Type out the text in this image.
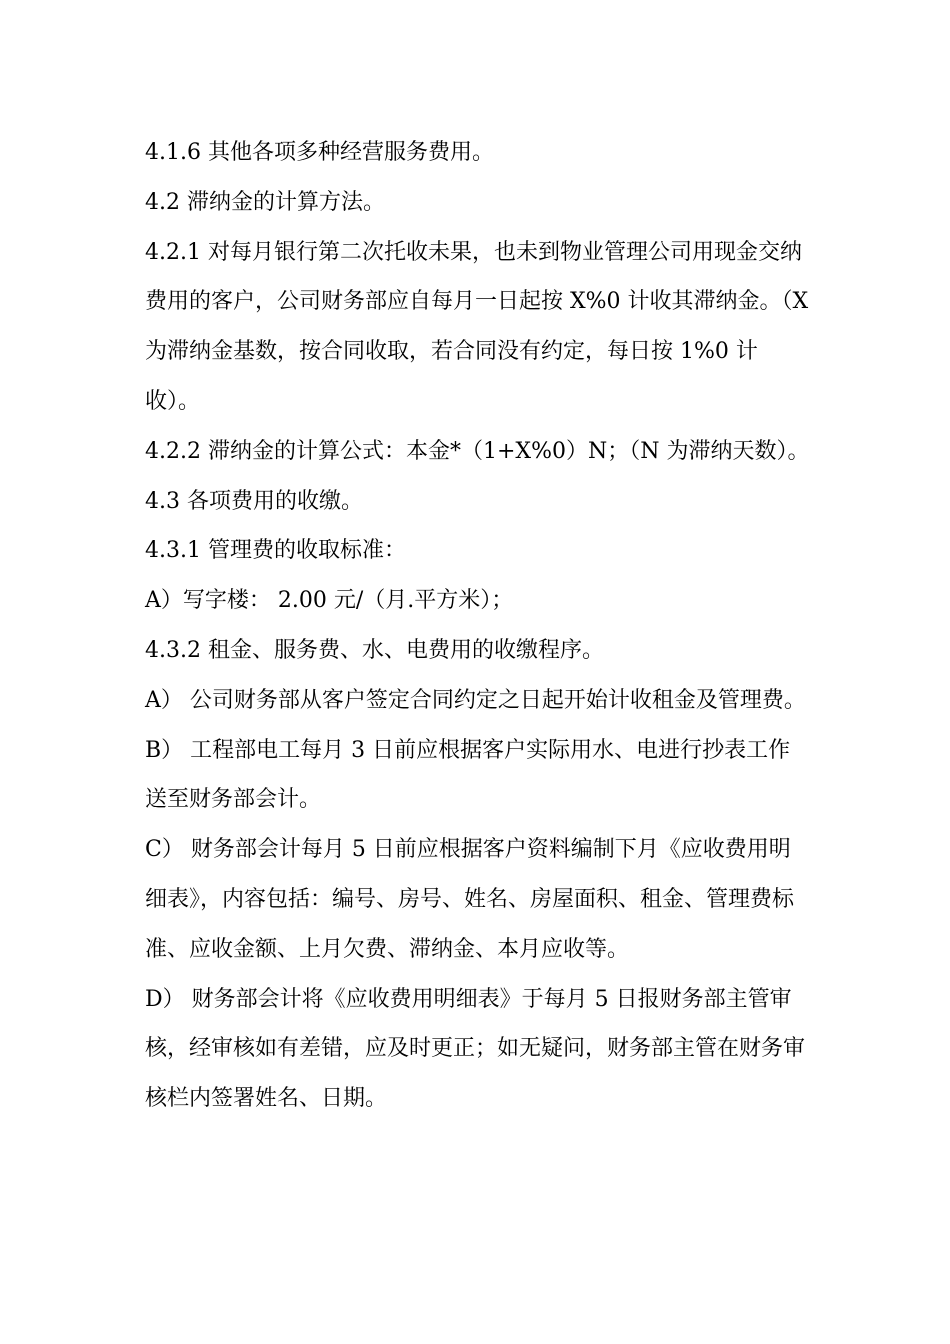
4.1.6 其他各项多种经营服务费用。

4.2 滞纳金的计算方法。

4.2.1 对每月银行第二次托收未果，也未到物业管理公司用现金交纳费用的客户，公司财务部应自每月一日起按 X%0 计收其滞纳金。（X 为滞纳金基数，按合同收取，若合同没有约定，每日按 1%0 计收）。

4.2.2 滞纳金的计算公式：本金*（1+X%0）N；（N 为滞纳天数）。

4.3 各项费用的收缴。

4.3.1 管理费的收取标准：

A）写字楼： 2.00 元/（月.平方米）；

4.3.2 租金、服务费、水、电费用的收缴程序。

A） 公司财务部从客户签定合同约定之日起开始计收租金及管理费。

B） 工程部电工每月 3 日前应根据客户实际用水、电进行抄表工作送至财务部会计。

C） 财务部会计每月 5 日前应根据客户资料编制下月《应收费用明细表》，内容包括：编号、房号、姓名、房屋面积、租金、管理费标准、应收金额、上月欠费、滞纳金、本月应收等。

D） 财务部会计将《应收费用明细表》于每月 5 日报财务部主管审核，经审核如有差错，应及时更正；如无疑问，财务部主管在财务审核栏内签署姓名、日期。
